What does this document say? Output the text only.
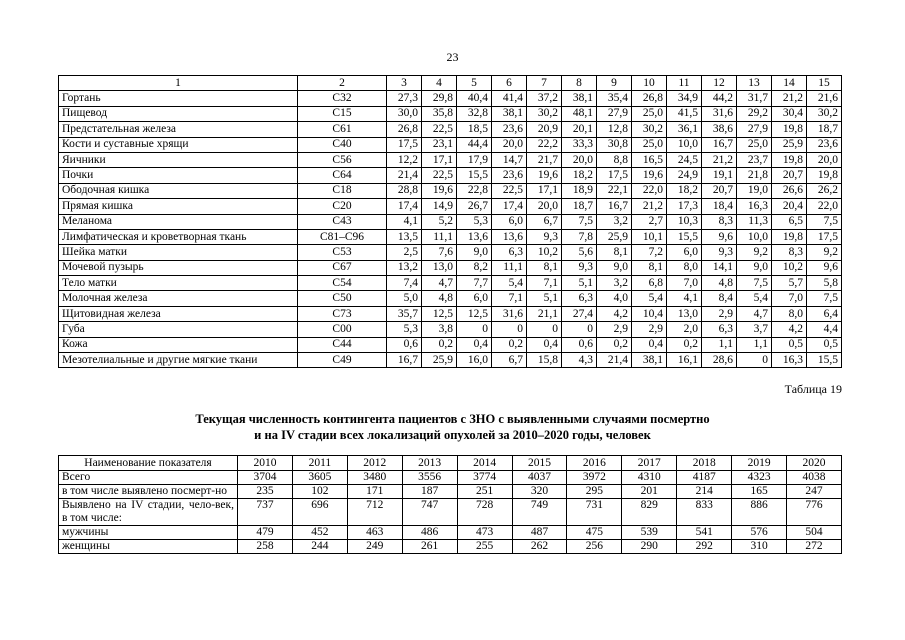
23
1	2	3	4	5	6	7	8	9	10	11	12	13	14	15
Гортань	C32	27,3	29,8	40,4	41,4	37,2	38,1	35,4	26,8	34,9	44,2	31,7	21,2	21,6
Пищевод	C15	30,0	35,8	32,8	38,1	30,2	48,1	27,9	25,0	41,5	31,6	29,2	30,4	30,2
Предстательная железа	C61	26,8	22,5	18,5	23,6	20,9	20,1	12,8	30,2	36,1	38,6	27,9	19,8	18,7
Кости и суставные хрящи	C40	17,5	23,1	44,4	20,0	22,2	33,3	30,8	25,0	10,0	16,7	25,0	25,9	23,6
Яичники	C56	12,2	17,1	17,9	14,7	21,7	20,0	8,8	16,5	24,5	21,2	23,7	19,8	20,0
Почки	C64	21,4	22,5	15,5	23,6	19,6	18,2	17,5	19,6	24,9	19,1	21,8	20,7	19,8
Ободочная кишка	C18	28,8	19,6	22,8	22,5	17,1	18,9	22,1	22,0	18,2	20,7	19,0	26,6	26,2
Прямая кишка	C20	17,4	14,9	26,7	17,4	20,0	18,7	16,7	21,2	17,3	18,4	16,3	20,4	22,0
Меланома	C43	4,1	5,2	5,3	6,0	6,7	7,5	3,2	2,7	10,3	8,3	11,3	6,5	7,5
Лимфатическая и кроветворная ткань	C81–C96	13,5	11,1	13,6	13,6	9,3	7,8	25,9	10,1	15,5	9,6	10,0	19,8	17,5
Шейка матки	C53	2,5	7,6	9,0	6,3	10,2	5,6	8,1	7,2	6,0	9,3	9,2	8,3	9,2
Мочевой пузырь	C67	13,2	13,0	8,2	11,1	8,1	9,3	9,0	8,1	8,0	14,1	9,0	10,2	9,6
Тело матки	C54	7,4	4,7	7,7	5,4	7,1	5,1	3,2	6,8	7,0	4,8	7,5	5,7	5,8
Молочная железа	C50	5,0	4,8	6,0	7,1	5,1	6,3	4,0	5,4	4,1	8,4	5,4	7,0	7,5
Щитовидная железа	C73	35,7	12,5	12,5	31,6	21,1	27,4	4,2	10,4	13,0	2,9	4,7	8,0	6,4
Губа	C00	5,3	3,8	0	0	0	0	2,9	2,9	2,0	6,3	3,7	4,2	4,4
Кожа	C44	0,6	0,2	0,4	0,2	0,4	0,6	0,2	0,4	0,2	1,1	1,1	0,5	0,5
Мезотелиальные и другие мягкие ткани	C49	16,7	25,9	16,0	6,7	15,8	4,3	21,4	38,1	16,1	28,6	0	16,3	15,5
Таблица 19
Текущая численность контингента пациентов с ЗНО с выявленными случаями посмертно
и на IV стадии всех локализаций опухолей за 2010–2020 годы, человек
Наименование показателя	2010	2011	2012	2013	2014	2015	2016	2017	2018	2019	2020
Всего	3704	3605	3480	3556	3774	4037	3972	4310	4187	4323	4038
в том числе выявлено посмерт-но	235	102	171	187	251	320	295	201	214	165	247
Выявлено на IV стадии, чело-век, в том числе:	737	696	712	747	728	749	731	829	833	886	776
мужчины	479	452	463	486	473	487	475	539	541	576	504
женщины	258	244	249	261	255	262	256	290	292	310	272
